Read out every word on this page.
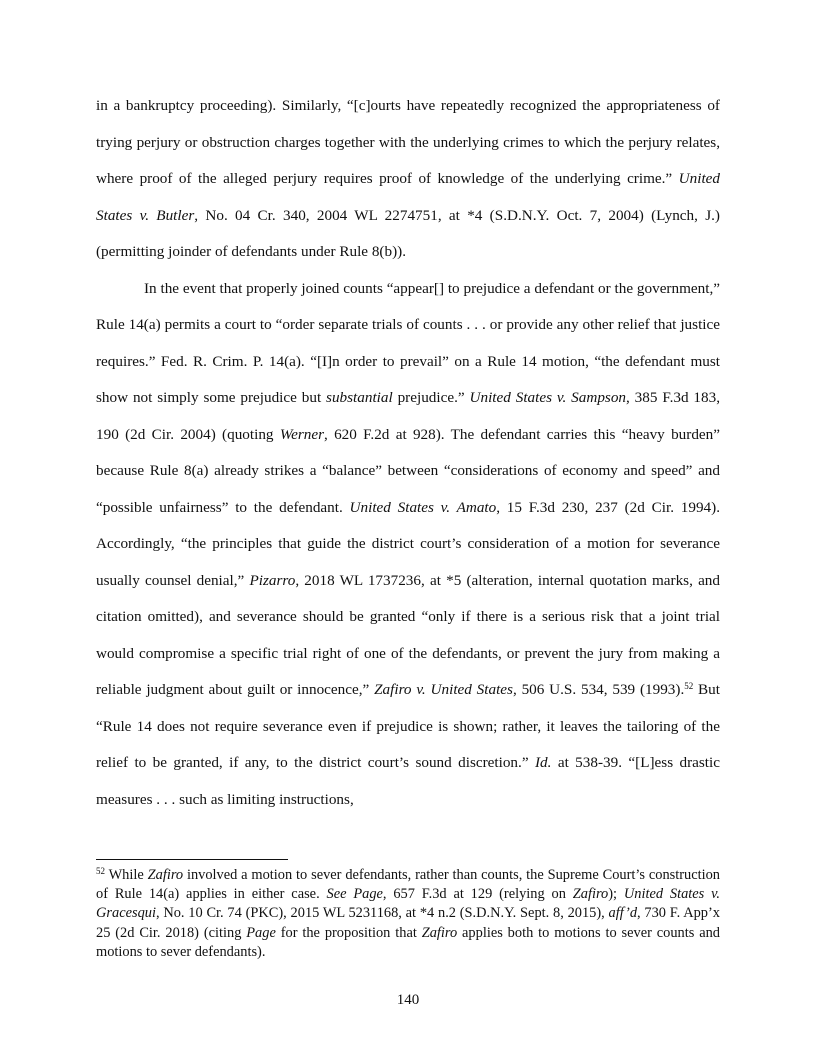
in a bankruptcy proceeding). Similarly, “[c]ourts have repeatedly recognized the appropriateness of trying perjury or obstruction charges together with the underlying crimes to which the perjury relates, where proof of the alleged perjury requires proof of knowledge of the underlying crime.” United States v. Butler, No. 04 Cr. 340, 2004 WL 2274751, at *4 (S.D.N.Y. Oct. 7, 2004) (Lynch, J.) (permitting joinder of defendants under Rule 8(b)).

In the event that properly joined counts “appear[] to prejudice a defendant or the government,” Rule 14(a) permits a court to “order separate trials of counts . . . or provide any other relief that justice requires.” Fed. R. Crim. P. 14(a). “[I]n order to prevail” on a Rule 14 motion, “the defendant must show not simply some prejudice but substantial prejudice.” United States v. Sampson, 385 F.3d 183, 190 (2d Cir. 2004) (quoting Werner, 620 F.2d at 928). The defendant carries this “heavy burden” because Rule 8(a) already strikes a “balance” between “considerations of economy and speed” and “possible unfairness” to the defendant. United States v. Amato, 15 F.3d 230, 237 (2d Cir. 1994). Accordingly, “the principles that guide the district court’s consideration of a motion for severance usually counsel denial,” Pizarro, 2018 WL 1737236, at *5 (alteration, internal quotation marks, and citation omitted), and severance should be granted “only if there is a serious risk that a joint trial would compromise a specific trial right of one of the defendants, or prevent the jury from making a reliable judgment about guilt or innocence,” Zafiro v. United States, 506 U.S. 534, 539 (1993).$^{52}$ But “Rule 14 does not require severance even if prejudice is shown; rather, it leaves the tailoring of the relief to be granted, if any, to the district court’s sound discretion.” Id. at 538-39. “[L]ess drastic measures . . . such as limiting instructions,

$^{52}$ While Zafiro involved a motion to sever defendants, rather than counts, the Supreme Court’s construction of Rule 14(a) applies in either case. See Page, 657 F.3d at 129 (relying on Zafiro); United States v. Gracesqui, No. 10 Cr. 74 (PKC), 2015 WL 5231168, at *4 n.2 (S.D.N.Y. Sept. 8, 2015), aff’d, 730 F. App’x 25 (2d Cir. 2018) (citing Page for the proposition that Zafiro applies both to motions to sever counts and motions to sever defendants).

140
